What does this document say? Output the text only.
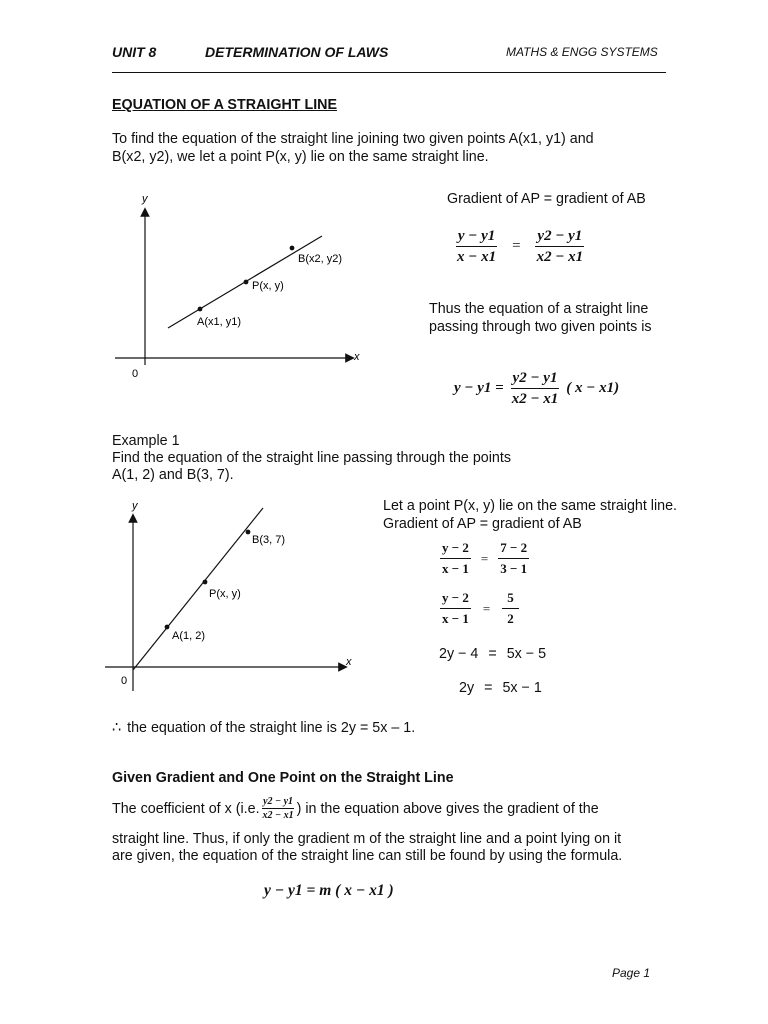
UNIT 8	DETERMINATION OF LAWS	MATHS & ENGG SYSTEMS
EQUATION OF A STRAIGHT LINE
To find the equation of the straight line joining two given points A(x1, y1) and
B(x2, y2), we let a point P(x, y) lie on the same straight line.
y
x
0
A(x1, y1)
P(x, y)
B(x2, y2)
Gradient of AP = gradient of AB
$\frac{y - y1}{x - x1} = \frac{y2 - y1}{x2 - x1}$
Thus the equation of a straight line
passing through two given points is
$y - y1 = \frac{y2 - y1}{x2 - x1}$ ( x − x1)
Example 1
Find the equation of the straight line passing through the points
A(1, 2) and B(3, 7).
y
x
0
A(1, 2)
P(x, y)
B(3, 7)
Let a point P(x, y) lie on the same straight line.
Gradient of AP = gradient of AB
$\frac{y - 2}{x - 1} = \frac{7 - 2}{3 - 1}$
$\frac{y - 2}{x - 1} = \frac{5}{2}$
2y − 4 = 5x − 5
2y = 5x − 1
∴ the equation of the straight line is 2y = 5x – 1.
Given Gradient and One Point on the Straight Line
The coefficient of x (i.e. $\frac{y2 - y1}{x2 - x1}$ ) in the equation above gives the gradient of the
straight line. Thus, if only the gradient m of the straight line and a point lying on it
are given, the equation of the straight line can still be found by using the formula.
y − y1 = m ( x − x1 )
Page 1
